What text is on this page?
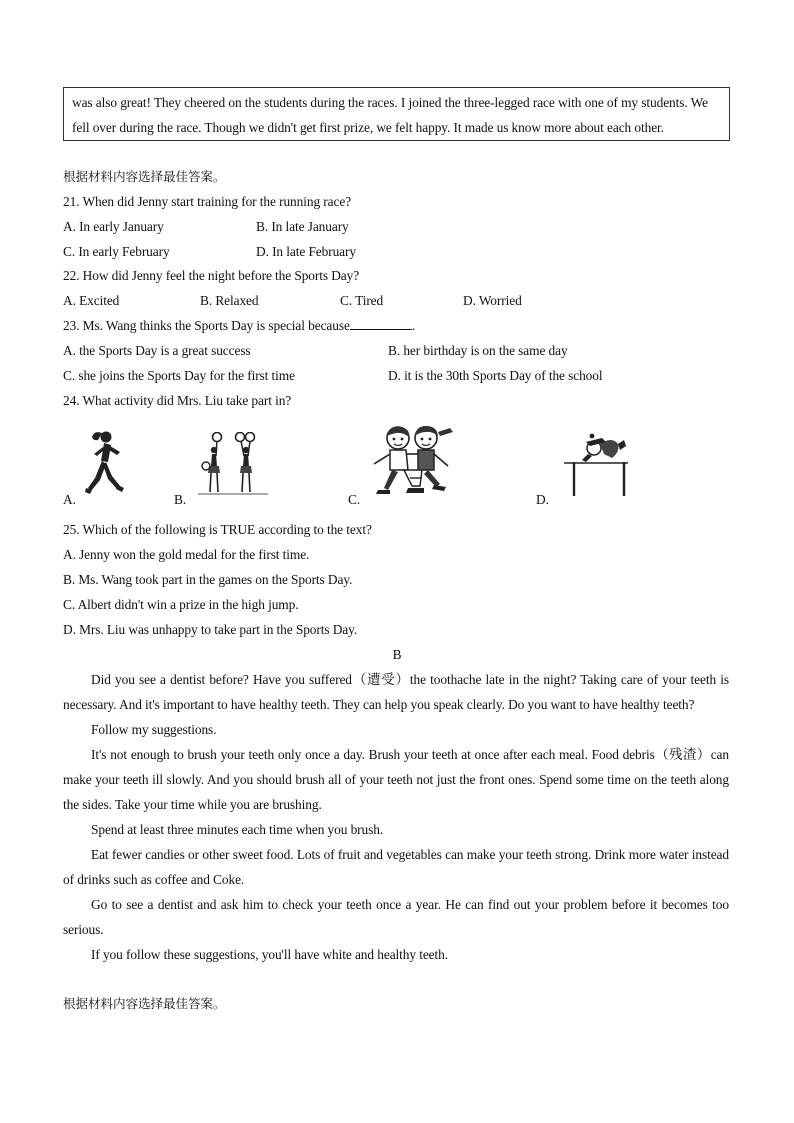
was also great! They cheered on the students during the races. I joined the three-legged race with one of my students. We fell over during the race. Though we didn't get first prize, we felt happy. It made us know more about each other.

根据材料内容选择最佳答案。
21. When did Jenny start training for the running race?
A. In early January	B. In late January
C. In early February	D. In late February
22. How did Jenny feel the night before the Sports Day?
A. Excited	B. Relaxed	C. Tired	D. Worried
23. Ms. Wang thinks the Sports Day is special because	.
A. the Sports Day is a great success	B. her birthday is on the same day
C. she joins the Sports Day for the first time	D. it is the 30th Sports Day of the school
24. What activity did Mrs. Liu take part in?
A.	B.	C.	D.
25. Which of the following is TRUE according to the text?
A. Jenny won the gold medal for the first time.
B. Ms. Wang took part in the games on the Sports Day.
C. Albert didn't win a prize in the high jump.
D. Mrs. Liu was unhappy to take part in the Sports Day.
B

Did you see a dentist before? Have you suffered（遭受）the toothache late in the night? Taking care of your teeth is necessary. And it's important to have healthy teeth. They can help you speak clearly. Do you want to have healthy teeth?

Follow my suggestions.

It's not enough to brush your teeth only once a day. Brush your teeth at once after each meal. Food debris（残渣）can make your teeth ill slowly. And you should brush all of your teeth not just the front ones. Spend some time on the teeth along the sides. Take your time while you are brushing.

Spend at least three minutes each time when you brush.

Eat fewer candies or other sweet food. Lots of fruit and vegetables can make your teeth strong. Drink more water instead of drinks such as coffee and Coke.

Go to see a dentist and ask him to check your teeth once a year. He can find out your problem before it becomes too serious.

If you follow these suggestions, you'll have white and healthy teeth.

根据材料内容选择最佳答案。
